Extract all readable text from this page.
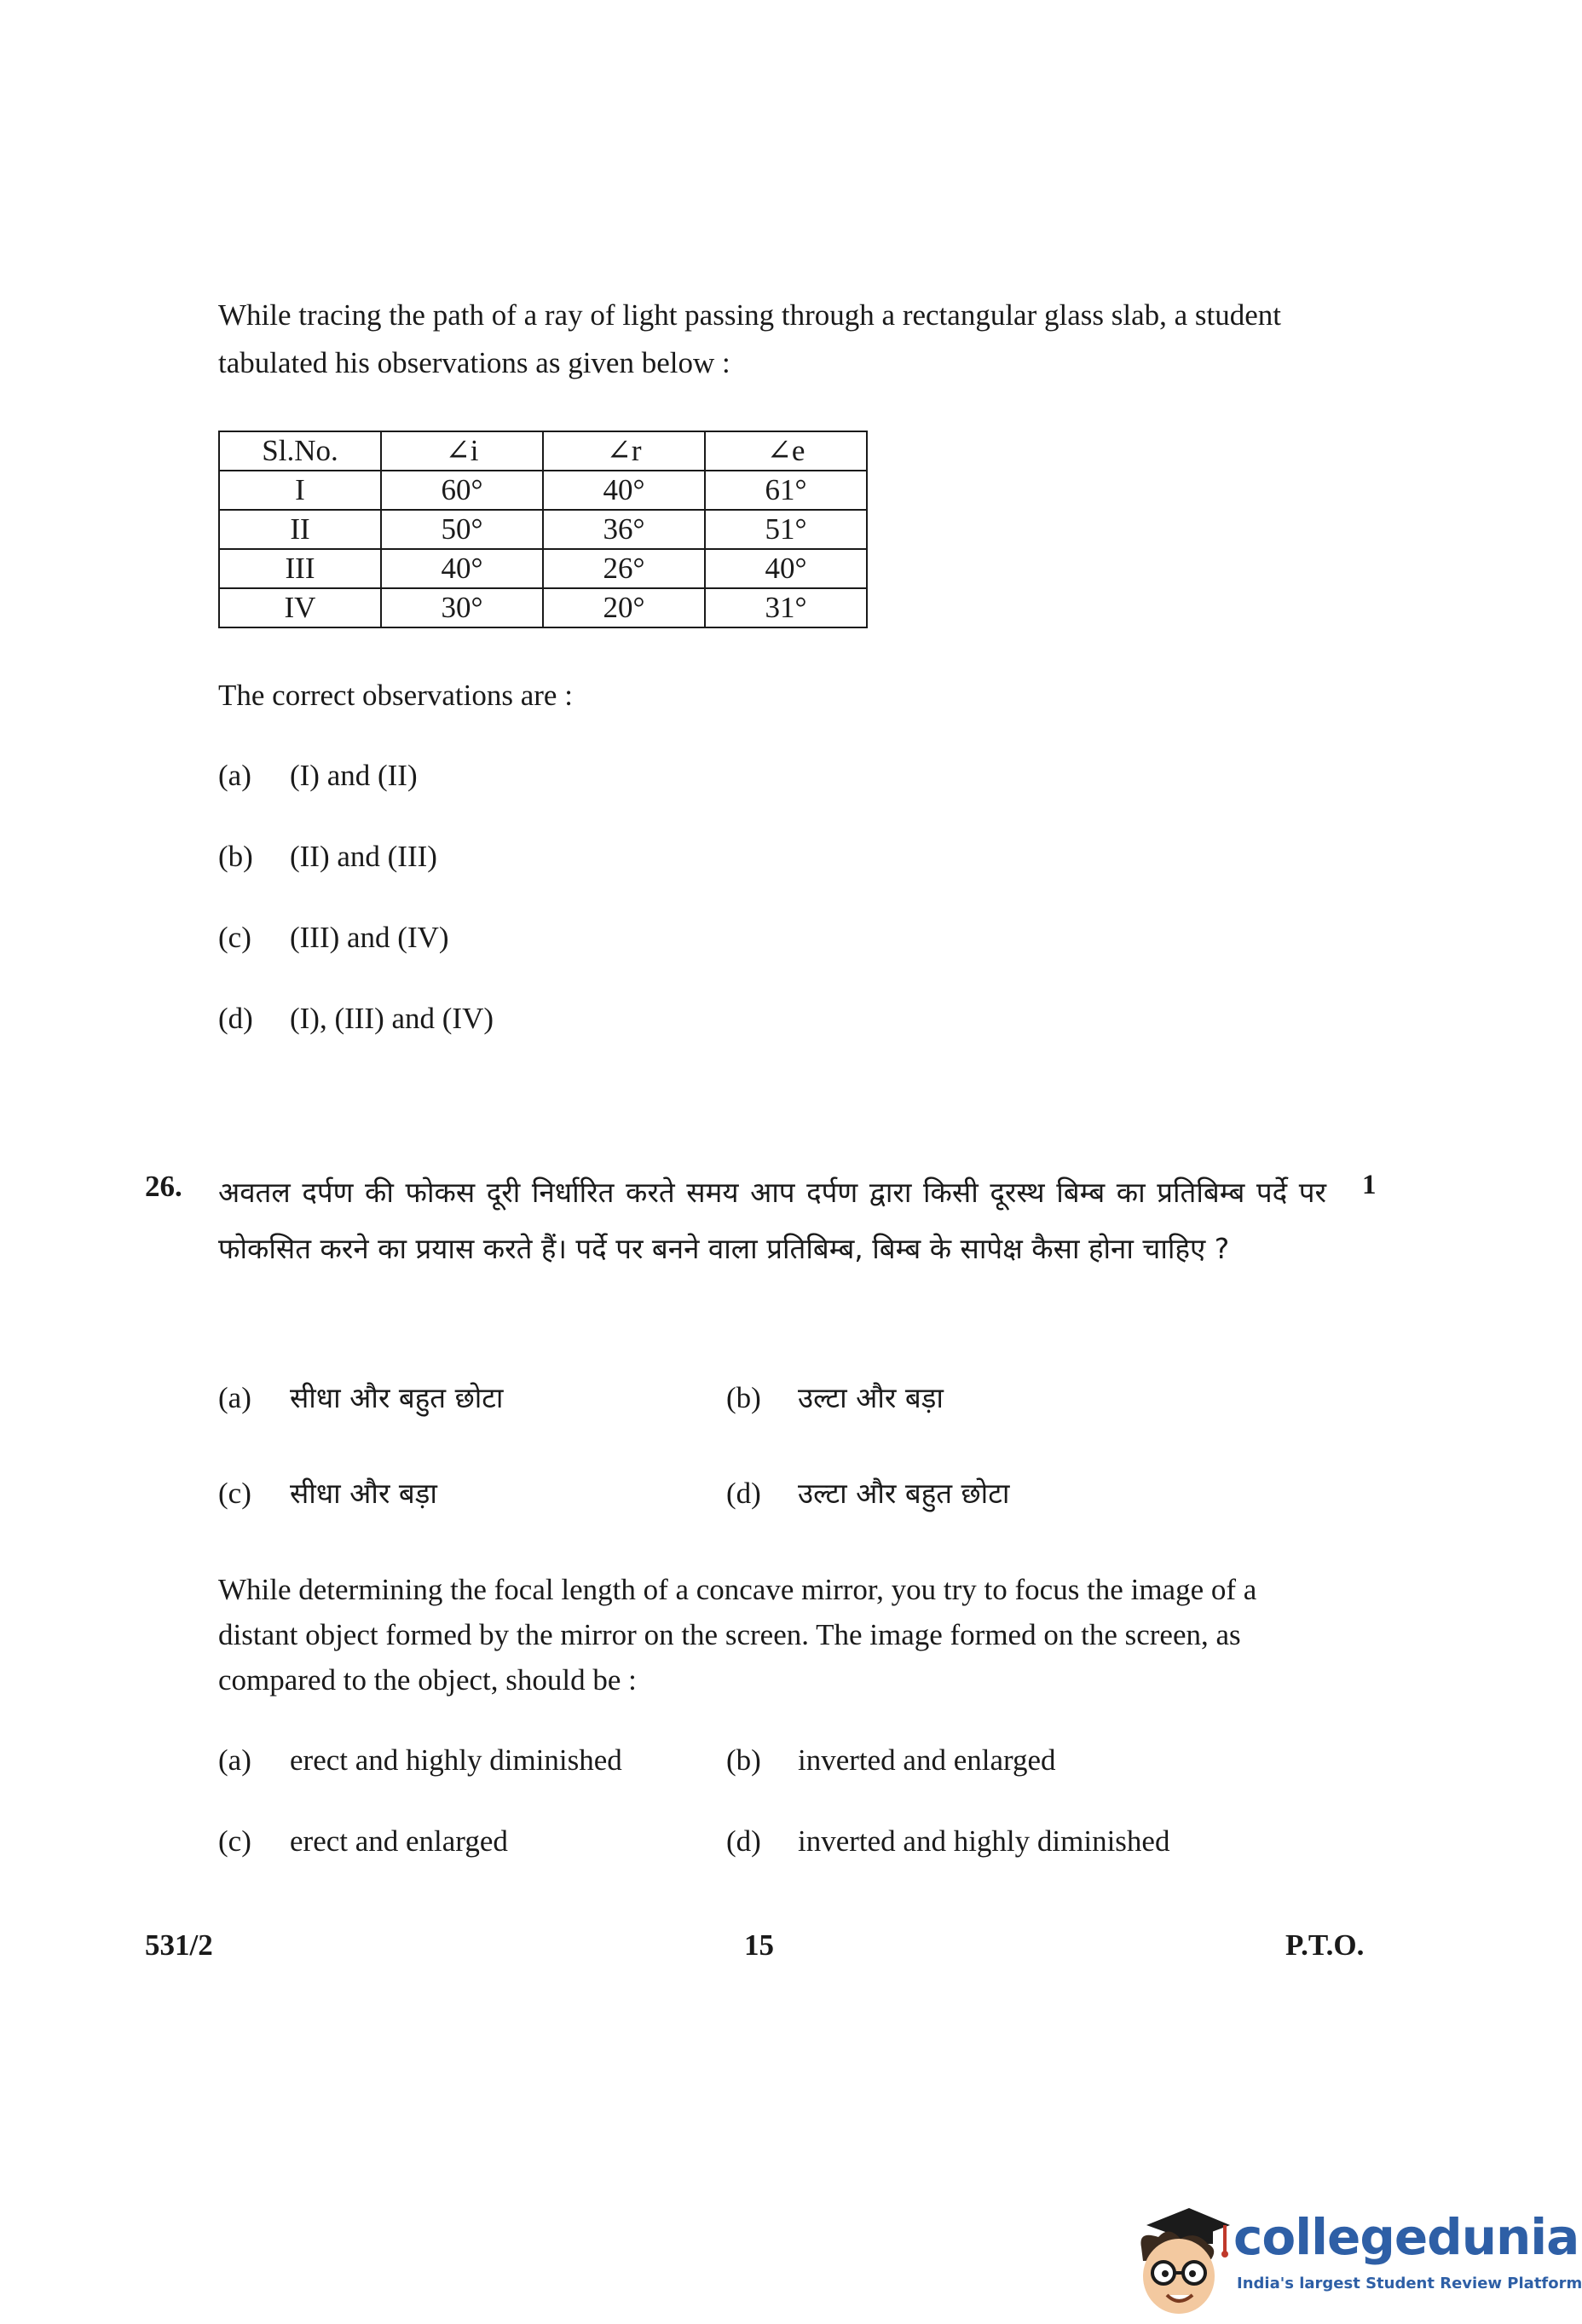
While tracing the path of a ray of light passing through a rectangular glass slab, a student tabulated his observations as given below :

Sl.No.	∠i	∠r	∠e
I	60°	40°	61°
II	50°	36°	51°
III	40°	26°	40°
IV	30°	20°	31°

The correct observations are :

(a) (I) and (II)
(b) (II) and (III)
(c) (III) and (IV)
(d) (I), (III) and (IV)
26.	1

अवतल दर्पण की फोकस दूरी निर्धारित करते समय आप दर्पण द्वारा किसी दूरस्थ बिम्ब का प्रतिबिम्ब पर्दे पर फोकसित करने का प्रयास करते हैं। पर्दे पर बनने वाला प्रतिबिम्ब, बिम्ब के सापेक्ष कैसा होना चाहिए ?

(a) सीधा और बहुत छोटा	(b) उल्टा और बड़ा
(c) सीधा और बड़ा	(d) उल्टा और बहुत छोटा

While determining the focal length of a concave mirror, you try to focus the image of a distant object formed by the mirror on the screen. The image formed on the screen, as compared to the object, should be :

(a) erect and highly diminished	(b) inverted and enlarged
(c) erect and enlarged	(d) inverted and highly diminished
531/2	15	P.T.O.
collegedunia
India's largest Student Review Platform
